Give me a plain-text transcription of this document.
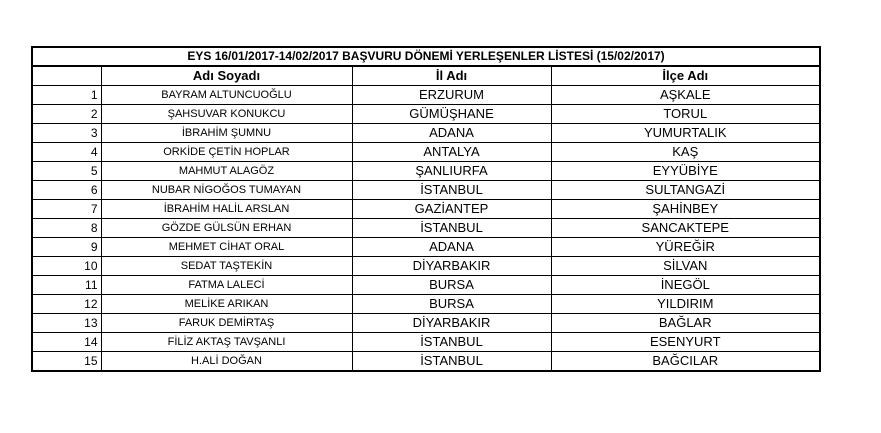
EYS 16/01/2017-14/02/2017 BAŞVURU DÖNEMİ YERLEŞENLER LİSTESİ (15/02/2017)			
	Adı Soyadı	İl Adı	İlçe Adı
1	BAYRAM ALTUNCUOĞLU	ERZURUM	AŞKALE
2	ŞAHSUVAR KONUKCU	GÜMÜŞHANE	TORUL
3	İBRAHİM ŞUMNU	ADANA	YUMURTALIK
4	ORKİDE ÇETİN HOPLAR	ANTALYA	KAŞ
5	MAHMUT ALAGÖZ	ŞANLIURFA	EYYÜBİYE
6	NUBAR NİGOĞOS TUMAYAN	İSTANBUL	SULTANGAZİ
7	İBRAHİM HALİL ARSLAN	GAZİANTEP	ŞAHİNBEY
8	GÖZDE GÜLSÜN ERHAN	İSTANBUL	SANCAKTEPE
9	MEHMET CİHAT ORAL	ADANA	YÜREĞİR
10	SEDAT TAŞTEKİN	DİYARBAKIR	SİLVAN
11	FATMA LALECİ	BURSA	İNEGÖL
12	MELİKE ARIKAN	BURSA	YILDIRIM
13	FARUK DEMİRTAŞ	DİYARBAKIR	BAĞLAR
14	FİLİZ AKTAŞ TAVŞANLI	İSTANBUL	ESENYURT
15	H.ALİ DOĞAN	İSTANBUL	BAĞCILAR
